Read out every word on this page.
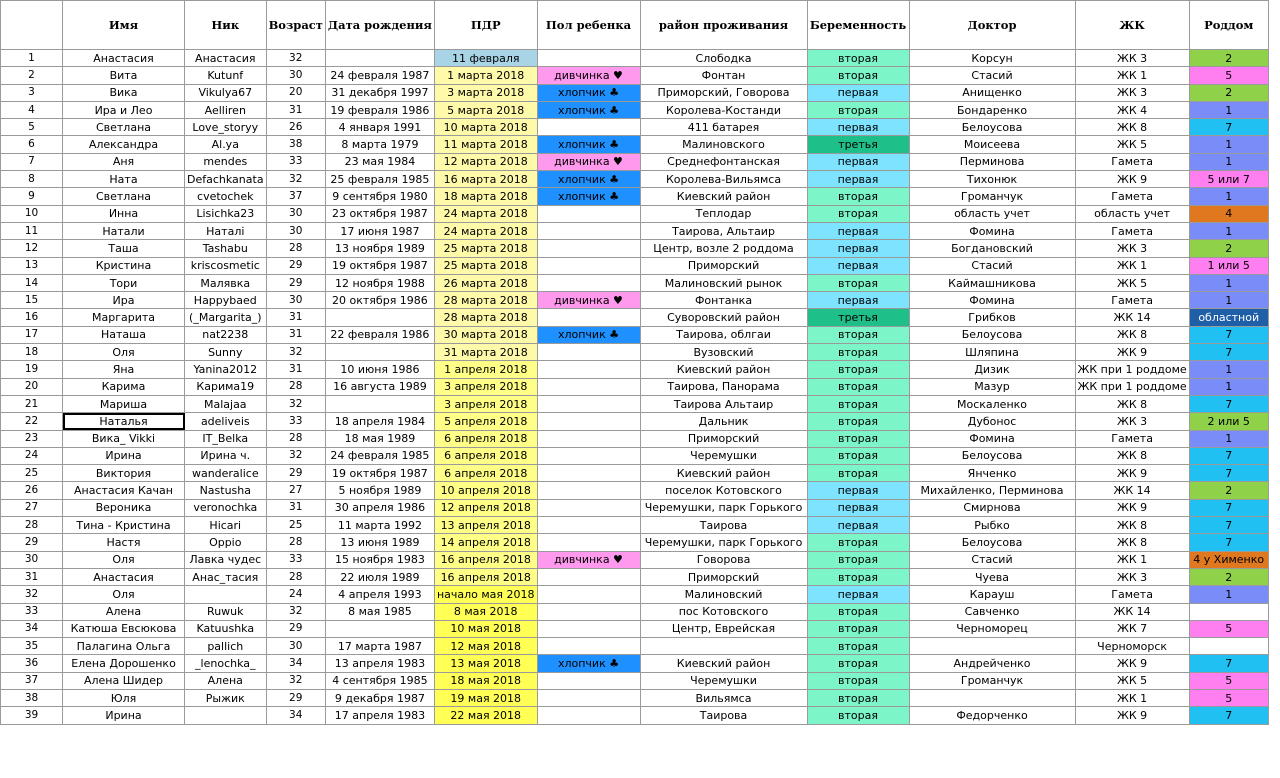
	Имя	Ник	Возраст	Дата рождения	ПДР	Пол ребенка	район проживания	Беременность	Доктор	ЖК	Роддом
1	Анастасия	Анастасия	32		11 февраля		Слободка	вторая	Корсун	ЖК 3	2
2	Вита	Kutunf	30	24 февраля 1987	1 марта 2018	дивчинка ♥	Фонтан	вторая	Стасий	ЖК 1	5
3	Вика	Vikulya67	20	31 декабря 1997	3 марта 2018	хлопчик ♣	Приморский, Говорова	первая	Анищенко	ЖК 3	2
4	Ира и Лео	Aelliren	31	19 февраля 1986	5 марта 2018	хлопчик ♣	Королева-Костанди	вторая	Бондаренко	ЖК 4	1
5	Светлана	Love_storyy	26	4 января 1991	10 марта 2018		411 батарея	первая	Белоусова	ЖК 8	7
6	Александра	Al.ya	38	8 марта 1979	11 марта 2018	хлопчик ♣	Малиновского	третья	Моисеева	ЖК 5	1
7	Аня	mendes	33	23 мая 1984	12 марта 2018	дивчинка ♥	Среднефонтанская	первая	Перминова	Гамета	1
8	Ната	Defachkanata	32	25 февраля 1985	16 марта 2018	хлопчик ♣	Королева-Вильямса	первая	Тихонюк	ЖК 9	5 или 7
9	Светлана	cvetochek	37	9 сентября 1980	18 марта 2018	хлопчик ♣	Киевский район	вторая	Громанчук	Гамета	1
10	Инна	Lisichka23	30	23 октября 1987	24 марта 2018		Теплодар	вторая	область учет	область учет	4
11	Натали	Наталі	30	17 июня 1987	24 марта 2018		Таирова, Альтаир	первая	Фомина	Гамета	1
12	Таша	Tashabu	28	13 ноября 1989	25 марта 2018		Центр, возле 2 роддома	первая	Богдановский	ЖК 3	2
13	Кристина	kriscosmetic	29	19 октября 1987	25 марта 2018		Приморский	первая	Стасий	ЖК 1	1 или 5
14	Тори	Малявка	29	12 ноября 1988	26 марта 2018		Малиновский рынок	вторая	Каймашникова	ЖК 5	1
15	Ира	Happybaed	30	20 октября 1986	28 марта 2018	дивчинка ♥	Фонтанка	первая	Фомина	Гамета	1
16	Маргарита	(_Margarita_)	31		28 марта 2018		Суворовский район	третья	Грибков	ЖК 14	областной
17	Наташа	nat2238	31	22 февраля 1986	30 марта 2018	хлопчик ♣	Таирова, облгаи	вторая	Белоусова	ЖК 8	7
18	Оля	Sunny	32		31 марта 2018		Вузовский	вторая	Шляпина	ЖК 9	7
19	Яна	Yanina2012	31	10 июня 1986	1 апреля 2018		Киевский район	вторая	Дизик	ЖК при 1 роддоме	1
20	Карима	Карима19	28	16 августа 1989	3 апреля 2018		Таирова, Панорама	вторая	Мазур	ЖК при 1 роддоме	1
21	Мариша	Malajaa	32		3 апреля 2018		Таирова Альтаир	вторая	Москаленко	ЖК 8	7
22	Наталья	adeliveis	33	18 апреля 1984	5 апреля 2018		Дальник	вторая	Дубонос	ЖК 3	2 или 5
23	Вика_ Vikki	IT_Belka	28	18 мая 1989	6 апреля 2018		Приморский	вторая	Фомина	Гамета	1
24	Ирина	Ирина ч.	32	24 февраля 1985	6 апреля 2018		Черемушки	вторая	Белоусова	ЖК 8	7
25	Виктория	wanderalice	29	19 октября 1987	6 апреля 2018		Киевский район	вторая	Янченко	ЖК 9	7
26	Анастасия Качан	Nastusha	27	5 ноября 1989	10 апреля 2018		поселок Котовского	первая	Михайленко, Перминова	ЖК 14	2
27	Вероника	veronochka	31	30 апреля 1986	12 апреля 2018		Черемушки, парк Горького	первая	Смирнова	ЖК 9	7
28	Тина - Кристина	Hicari	25	11 марта 1992	13 апреля 2018		Таирова	первая	Рыбко	ЖК 8	7
29	Настя	Oppio	28	13 июня 1989	14 апреля 2018		Черемушки, парк Горького	вторая	Белоусова	ЖК 8	7
30	Оля	Лавка чудес	33	15 ноября 1983	16 апреля 2018	дивчинка ♥	Говорова	вторая	Стасий	ЖК 1	4 у Хименко
31	Анастасия	Анас_тасия	28	22 июля 1989	16 апреля 2018		Приморский	вторая	Чуева	ЖК 3	2
32	Оля		24	4 апреля 1993	начало мая 2018		Малиновский	первая	Караyш	Гамета	1
33	Алена	Ruwuk	32	8 мая 1985	8 мая 2018		пос Котовского	вторая	Савченко	ЖК 14	
34	Катюша Евсюкова	Katuushka	29		10 мая 2018		Центр, Еврейская	вторая	Черноморец	ЖК 7	5
35	Палагина Ольга	pallich	30	17 марта 1987	12 мая 2018			вторая		Черноморск	
36	Елена Дорошенко	_lenochka_	34	13 апреля 1983	13 мая 2018	хлопчик ♣	Киевский район	вторая	Андрейченко	ЖК 9	7
37	Алена Шидер	Алена	32	4 сентября 1985	18 мая 2018		Черемушки	вторая	Громанчук	ЖК 5	5
38	Юля	Рыжик	29	9 декабря 1987	19 мая 2018		Вильямса	вторая		ЖК 1	5
39	Ирина		34	17 апреля 1983	22 мая 2018		Таирова	вторая	Федорченко	ЖК 9	7
